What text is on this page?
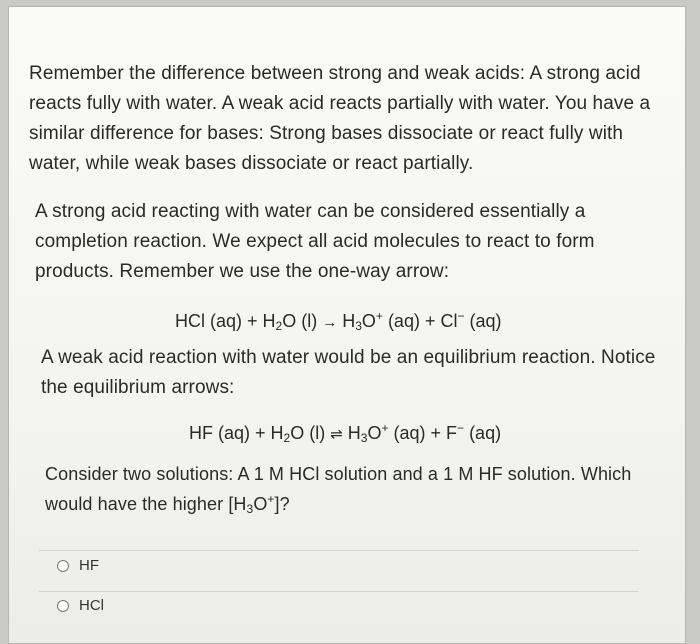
Remember the difference between strong and weak acids: A strong acid reacts fully with water. A weak acid reacts partially with water. You have a similar difference for bases: Strong bases dissociate or react fully with water, while weak bases dissociate or react partially.

A strong acid reacting with water can be considered essentially a completion reaction. We expect all acid molecules to react to form products. Remember we use the one-way arrow:

HCl $(aq) + H_2O$ $(l) \to H_3O^+$ (aq) + Cl− (aq)

A weak acid reaction with water would be an equilibrium reaction. Notice the equilibrium arrows:

HF $(aq) + H_2O$ (l) ⇌ $H_3O^+$ (aq) + F− (aq)

Consider two solutions: A 1 M HCl solution and a 1 M HF solution. Which would have the higher $[H_3O^+]$?

HF
HCl
